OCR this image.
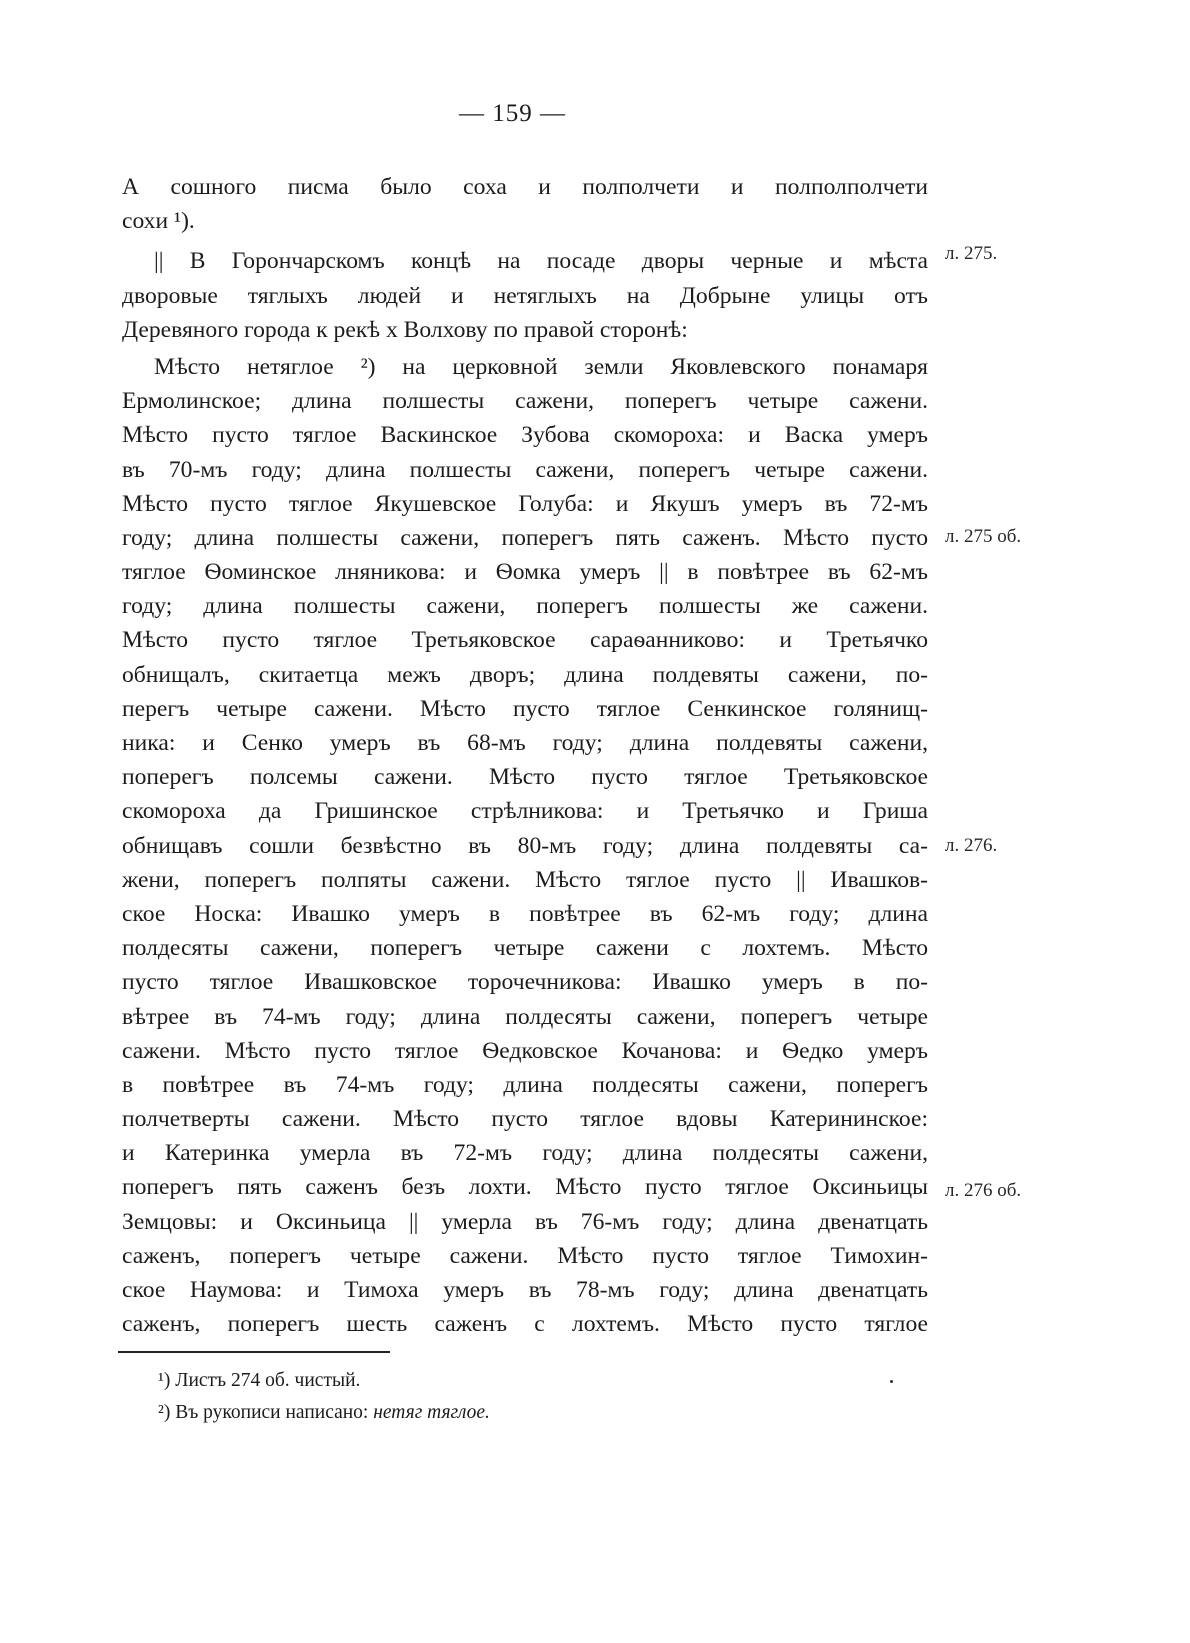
— 159 —
А сошного писма было соха и полполчети и полполполчети
сохи ¹).
|| В Горончарскомъ концѣ на посаде дворы черные и мѣста
дворовые тяглыхъ людей и нетяглыхъ на Добрыне улицы отъ
Деревяного города к рекѣ х Волхову по правой сторонѣ:
Мѣсто нетяглое ²) на церковной земли Яковлевского понамаря
Ермолинское; длина полшесты сажени, поперегъ четыре сажени.
Мѣсто пусто тяглое Васкинское Зубова скомороха: и Васка умеръ
въ 70-мъ году; длина полшесты сажени, поперегъ четыре сажени.
Мѣсто пусто тяглое Якушевское Голуба: и Якушъ умеръ въ 72-мъ
году; длина полшесты сажени, поперегъ пять саженъ. Мѣсто пусто
тяглое Ѳоминское лняникова: и Ѳомка умеръ || в повѣтрее въ 62-мъ
году; длина полшесты сажени, поперегъ полшесты же сажени.
Мѣсто пусто тяглое Третьяковское сараѳанниково: и Третьячко
обнищалъ, скитаетца межъ дворъ; длина полдевяты сажени, по-
перегъ четыре сажени. Мѣсто пусто тяглое Сенкинское голянищ-
ника: и Сенко умеръ въ 68-мъ году; длина полдевяты сажени,
поперегъ полсемы сажени. Мѣсто пусто тяглое Третьяковское
скомороха да Гришинское стрѣлникова: и Третьячко и Гриша
обнищавъ сошли безвѣстно въ 80-мъ году; длина полдевяты са-
жени, поперегъ полпяты сажени. Мѣсто тяглое пусто || Ивашков-
ское Носка: Ивашко умеръ в повѣтрее въ 62-мъ году; длина
полдесяты сажени, поперегъ четыре сажени с лохтемъ. Мѣсто
пусто тяглое Ивашковское торочечникова: Ивашко умеръ в по-
вѣтрее въ 74-мъ году; длина полдесяты сажени, поперегъ четыре
сажени. Мѣсто пусто тяглое Ѳедковское Кочанова: и Ѳедко умеръ
в повѣтрее въ 74-мъ году; длина полдесяты сажени, поперегъ
полчетверты сажени. Мѣсто пусто тяглое вдовы Катерининское:
и Катеринка умерла въ 72-мъ году; длина полдесяты сажени,
поперегъ пять саженъ безъ лохти. Мѣсто пусто тяглое Оксиньицы
Земцовы: и Оксиньица || умерла въ 76-мъ году; длина двенатцать
саженъ, поперегъ четыре сажени. Мѣсто пусто тяглое Тимохин-
ское Наумова: и Тимоха умеръ въ 78-мъ году; длина двенатцать
саженъ, поперегъ шесть саженъ с лохтемъ. Мѣсто пусто тяглое
л. 275.
л. 275 об.
л. 276.
л. 276 об.
¹) Листъ 274 об. чистый.
²) Въ рукописи написано: нетяг тяглое.
